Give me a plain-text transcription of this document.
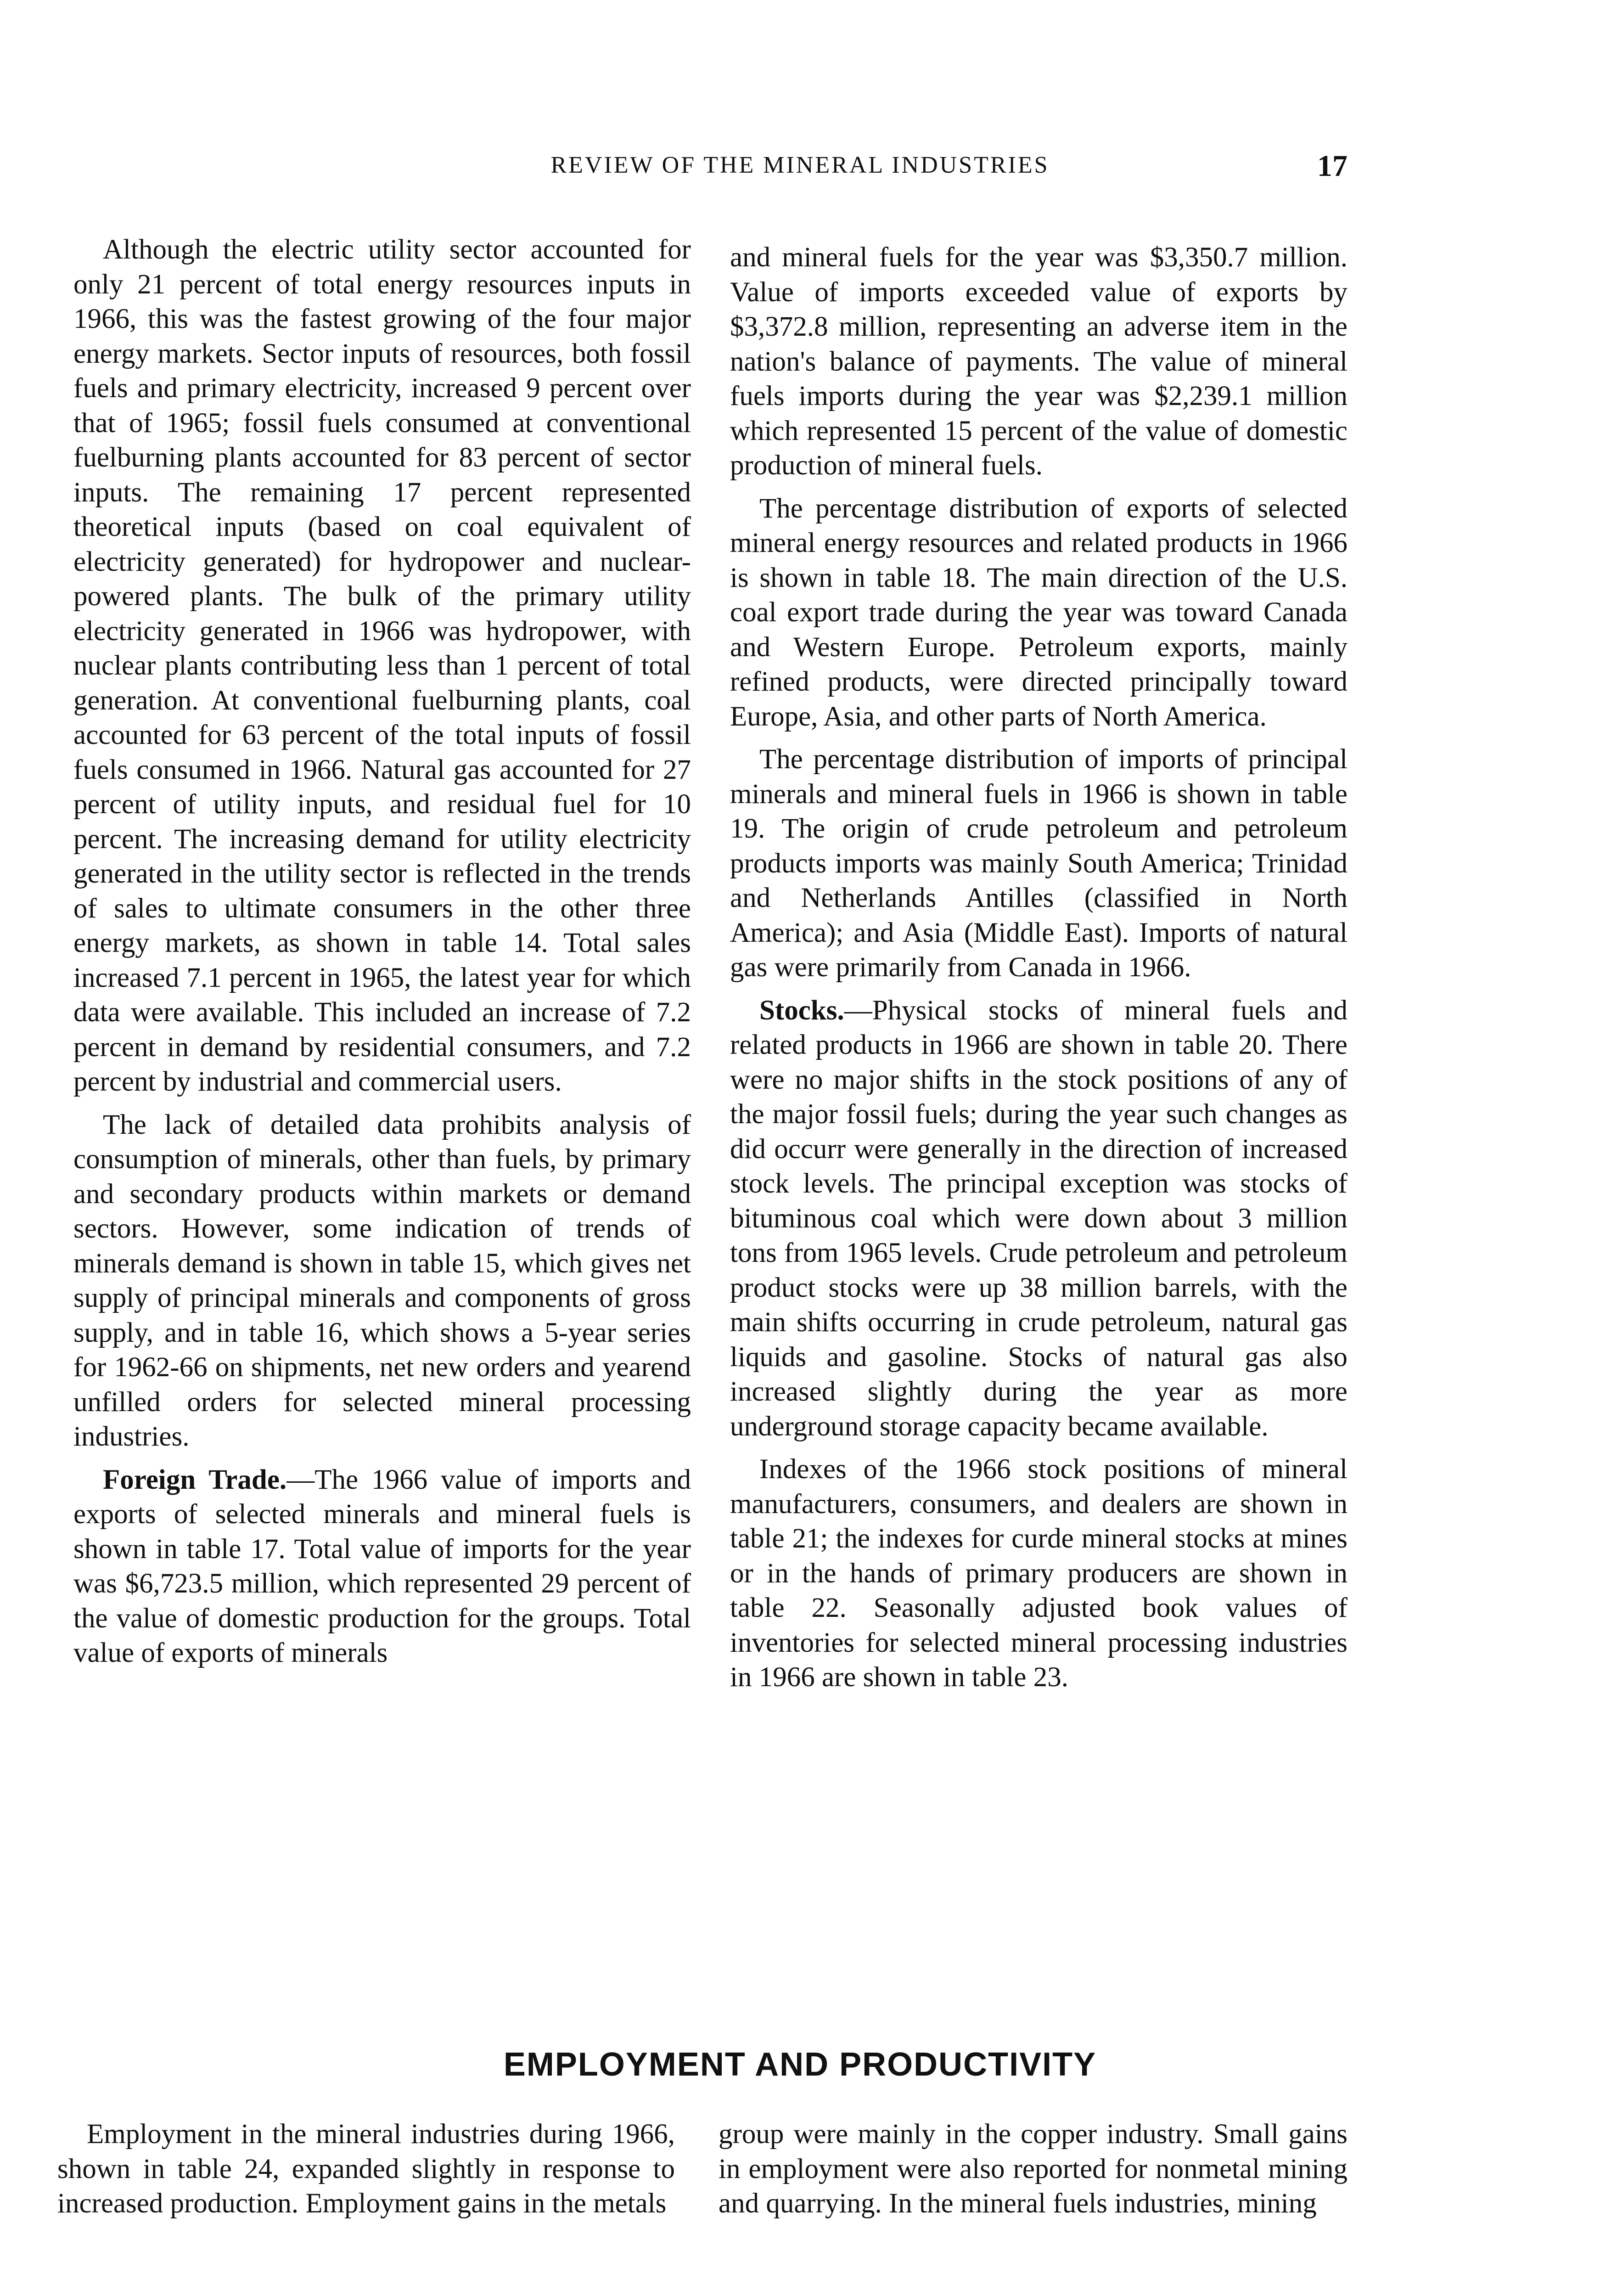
REVIEW OF THE MINERAL INDUSTRIES	17

Although the electric utility sector accounted for only 21 percent of total energy resources inputs in 1966, this was the fastest growing of the four major energy markets. Sector inputs of resources, both fossil fuels and primary electricity, increased 9 percent over that of 1965; fossil fuels consumed at conventional fuelburning plants accounted for 83 percent of sector inputs. The remaining 17 percent represented theoretical inputs (based on coal equivalent of electricity generated) for hydropower and nuclear-powered plants. The bulk of the primary utility electricity generated in 1966 was hydropower, with nuclear plants contributing less than 1 percent of total generation. At conventional fuelburning plants, coal accounted for 63 percent of the total inputs of fossil fuels consumed in 1966. Natural gas accounted for 27 percent of utility inputs, and residual fuel for 10 percent. The increasing demand for utility electricity generated in the utility sector is reflected in the trends of sales to ultimate consumers in the other three energy markets, as shown in table 14. Total sales increased 7.1 percent in 1965, the latest year for which data were available. This included an increase of 7.2 percent in demand by residential consumers, and 7.2 percent by industrial and commercial users.

The lack of detailed data prohibits analysis of consumption of minerals, other than fuels, by primary and secondary products within markets or demand sectors. However, some indication of trends of minerals demand is shown in table 15, which gives net supply of principal minerals and components of gross supply, and in table 16, which shows a 5-year series for 1962-66 on shipments, net new orders and yearend unfilled orders for selected mineral processing industries.

Foreign Trade.—The 1966 value of imports and exports of selected minerals and mineral fuels is shown in table 17. Total value of imports for the year was $6,723.5 million, which represented 29 percent of the value of domestic production for the groups. Total value of exports of minerals

and mineral fuels for the year was $3,350.7 million. Value of imports exceeded value of exports by $3,372.8 million, representing an adverse item in the nation's balance of payments. The value of mineral fuels imports during the year was $2,239.1 million which represented 15 percent of the value of domestic production of mineral fuels.

The percentage distribution of exports of selected mineral energy resources and related products in 1966 is shown in table 18. The main direction of the U.S. coal export trade during the year was toward Canada and Western Europe. Petroleum exports, mainly refined products, were directed principally toward Europe, Asia, and other parts of North America.

The percentage distribution of imports of principal minerals and mineral fuels in 1966 is shown in table 19. The origin of crude petroleum and petroleum products imports was mainly South America; Trinidad and Netherlands Antilles (classified in North America); and Asia (Middle East). Imports of natural gas were primarily from Canada in 1966.

Stocks.—Physical stocks of mineral fuels and related products in 1966 are shown in table 20. There were no major shifts in the stock positions of any of the major fossil fuels; during the year such changes as did occurr were generally in the direction of increased stock levels. The principal exception was stocks of bituminous coal which were down about 3 million tons from 1965 levels. Crude petroleum and petroleum product stocks were up 38 million barrels, with the main shifts occurring in crude petroleum, natural gas liquids and gasoline. Stocks of natural gas also increased slightly during the year as more underground storage capacity became available.

Indexes of the 1966 stock positions of mineral manufacturers, consumers, and dealers are shown in table 21; the indexes for curde mineral stocks at mines or in the hands of primary producers are shown in table 22. Seasonally adjusted book values of inventories for selected mineral processing industries in 1966 are shown in table 23.

EMPLOYMENT AND PRODUCTIVITY

Employment in the mineral industries during 1966, shown in table 24, expanded slightly in response to increased production. Employment gains in the metals

group were mainly in the copper industry. Small gains in employment were also reported for nonmetal mining and quarrying. In the mineral fuels industries, mining
